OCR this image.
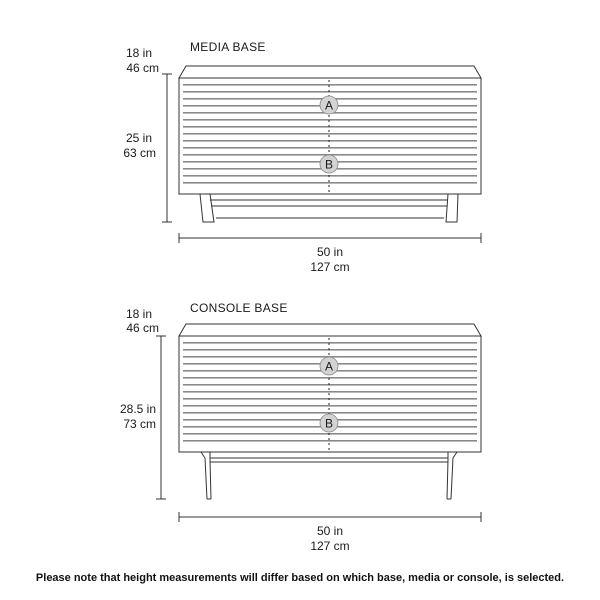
MEDIA BASE
18 in
46 cm
25 in
63 cm
A
B
50 in
127 cm
CONSOLE BASE
18 in
46 cm
28.5 in
73 cm
A
B
50 in
127 cm
Please note that height measurements will differ based on which base, media or console, is selected.
